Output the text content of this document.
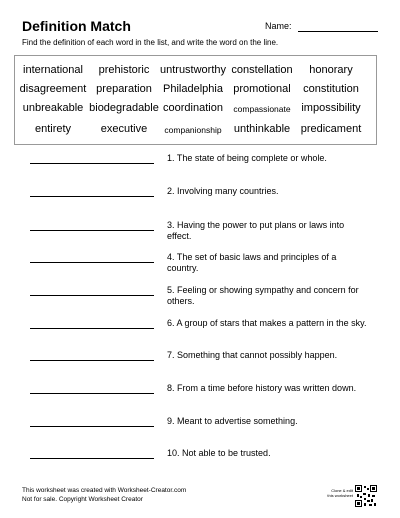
Definition Match	Name:
Find the definition of each word in the list, and write the word on the line.
international prehistoric untrustworthy constellation honorary
disagreement preparation Philadelphia promotional constitution
unbreakable biodegradable coordination compassionate impossibility
entirety	executive companionship unthinkable predicament
1. The state of being complete or whole.
2. Involving many countries.
3. Having the power to put plans or laws into effect.
4. The set of basic laws and principles of a country.
5. Feeling or showing sympathy and concern for others.
6. A group of stars that makes a pattern in the sky.
7. Something that cannot possibly happen.
8. From a time before history was written down.
9. Meant to advertise something.
10. Not able to be trusted.
This worksheet was created with Worksheet-Creator.com
Not for sale. Copyright Worksheet Creator
Clone & edit
this worksheet
